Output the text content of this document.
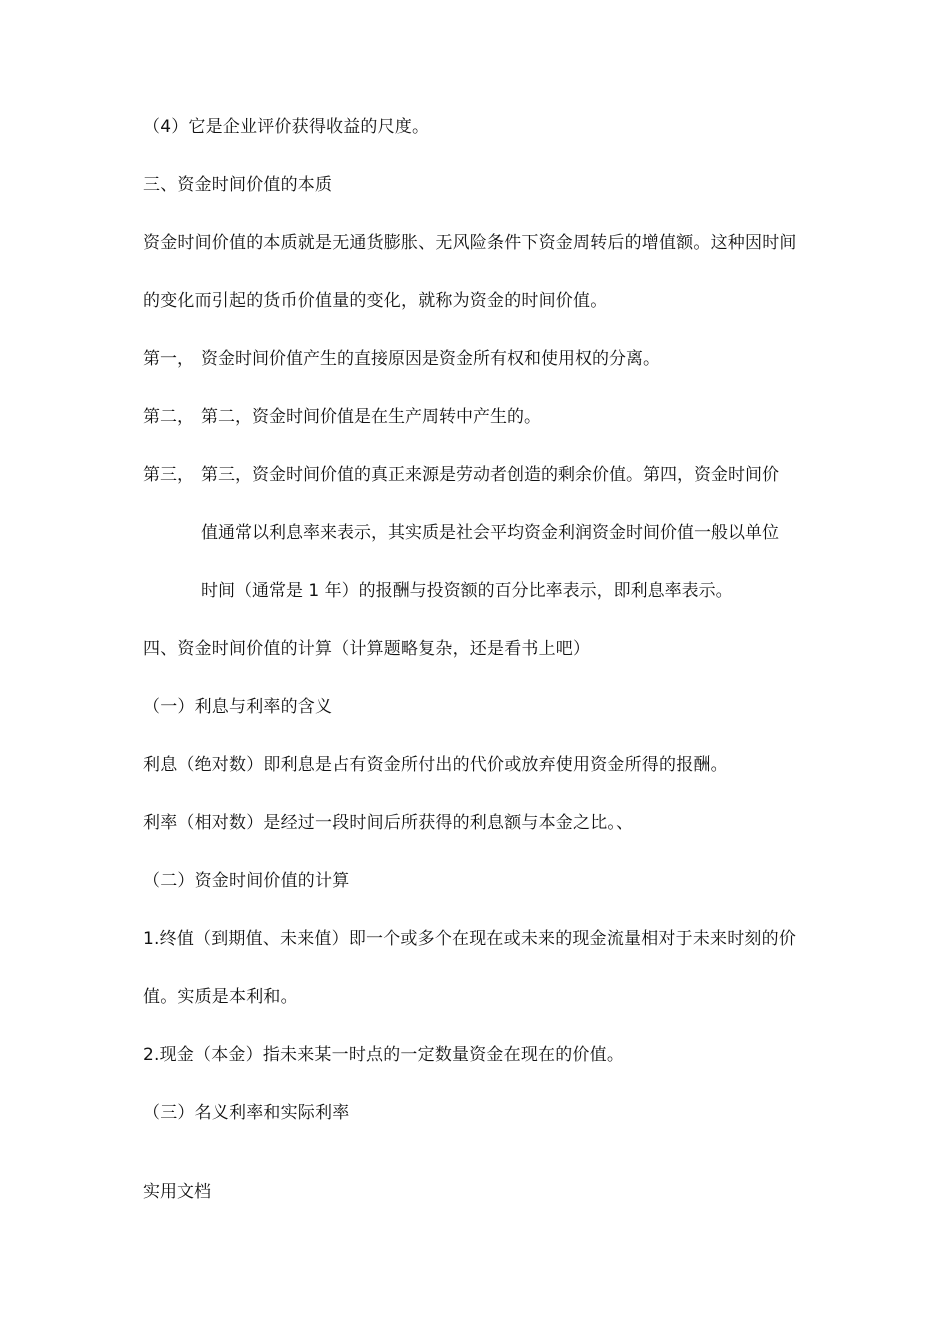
（4）它是企业评价获得收益的尺度。
三、资金时间价值的本质
资金时间价值的本质就是无通货膨胀、无风险条件下资金周转后的增值额。这种因时间
的变化而引起的货币价值量的变化，就称为资金的时间价值。
第一， 资金时间价值产生的直接原因是资金所有权和使用权的分离。
第二， 第二，资金时间价值是在生产周转中产生的。
第三， 第三，资金时间价值的真正来源是劳动者创造的剩余价值。第四，资金时间价
值通常以利息率来表示，其实质是社会平均资金利润资金时间价值一般以单位
时间（通常是 1 年）的报酬与投资额的百分比率表示，即利息率表示。
四、资金时间价值的计算（计算题略复杂，还是看书上吧）
（一）利息与利率的含义
利息（绝对数）即利息是占有资金所付出的代价或放弃使用资金所得的报酬。
利率（相对数）是经过一段时间后所获得的利息额与本金之比。、
（二）资金时间价值的计算
1.终值（到期值、未来值）即一个或多个在现在或未来的现金流量相对于未来时刻的价
值。实质是本利和。
2.现金（本金）指未来某一时点的一定数量资金在现在的价值。
（三）名义利率和实际利率
实用文档
